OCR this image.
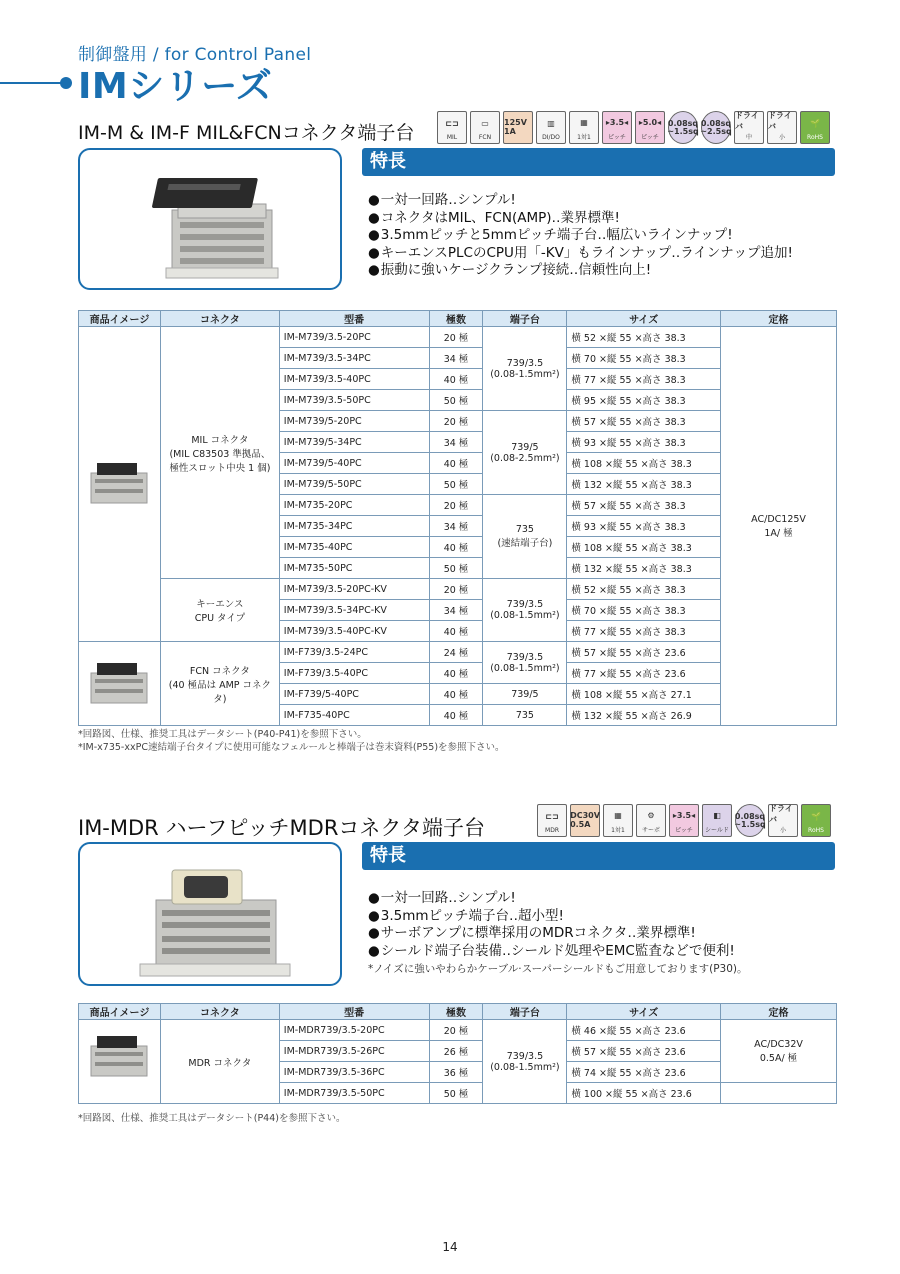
制御盤用 / for Control Panel
IMシリーズ
IM-M & IM-F MIL&FCNコネクタ端子台	⊏⊐
MIL
▭
FCN
125V 1A
▥
DI/DO
▦
1対1
▸3.5◂
ピッチ
▸5.0◂
ピッチ
0.08sq ~1.5sq
0.08sq ~2.5sq
ドライバ
中
ドライバ
小
🌱
RoHS
特長
● 一対一回路‥シンプル!
● コネクタはMIL、FCN(AMP)‥業界標準!
● 3.5mmピッチと5mmピッチ端子台‥幅広いラインナップ!
● キーエンスPLCのCPU用「-KV」もラインナップ‥ラインナップ追加!
● 振動に強いケージクランプ接続‥信頼性向上!
商品イメージ	コネクタ	型番	極数	端子台	サイズ	定格

	MIL コネクタ
(MIL C83503 準拠品、
極性スロット中央 1 個)	IM-M739/3.5-20PC	20 極	739/3.5
(0.08-1.5mm²)	横 52 ×縦 55 ×高さ 38.3	AC/DC125V
1A/ 極
		IM-M739/3.5-34PC	34 極		横 70 ×縦 55 ×高さ 38.3	
		IM-M739/3.5-40PC	40 極		横 77 ×縦 55 ×高さ 38.3	
		IM-M739/3.5-50PC	50 極		横 95 ×縦 55 ×高さ 38.3	
		IM-M739/5-20PC	20 極	739/5
(0.08-2.5mm²)	横 57 ×縦 55 ×高さ 38.3	
		IM-M739/5-34PC	34 極		横 93 ×縦 55 ×高さ 38.3	
		IM-M739/5-40PC	40 極		横 108 ×縦 55 ×高さ 38.3	
		IM-M739/5-50PC	50 極		横 132 ×縦 55 ×高さ 38.3	
		IM-M735-20PC	20 極	735
(速結端子台)	横 57 ×縦 55 ×高さ 38.3	
		IM-M735-34PC	34 極		横 93 ×縦 55 ×高さ 38.3	
		IM-M735-40PC	40 極		横 108 ×縦 55 ×高さ 38.3	
		IM-M735-50PC	50 極		横 132 ×縦 55 ×高さ 38.3	
	キーエンス
CPU タイプ	IM-M739/3.5-20PC-KV	20 極	739/3.5
(0.08-1.5mm²)	横 52 ×縦 55 ×高さ 38.3	
		IM-M739/3.5-34PC-KV	34 極		横 70 ×縦 55 ×高さ 38.3	
		IM-M739/3.5-40PC-KV	40 極		横 77 ×縦 55 ×高さ 38.3	

	FCN コネクタ
(40 極品は AMP コネクタ)	IM-F739/3.5-24PC	24 極	739/3.5
(0.08-1.5mm²)	横 57 ×縦 55 ×高さ 23.6	
		IM-F739/3.5-40PC	40 極		横 77 ×縦 55 ×高さ 23.6	
		IM-F739/5-40PC	40 極	739/5	横 108 ×縦 55 ×高さ 27.1	
		IM-F735-40PC	40 極	735	横 132 ×縦 55 ×高さ 26.9	
*回路図、仕様、推奨工具はデータシート(P40-P41)を参照下さい。
*IM-x735-xxPC速結端子台タイプに使用可能なフェルールと棒端子は巻末資料(P55)を参照下さい。
IM-MDR ハーフピッチMDRコネクタ端子台	⊏⊐
MDR
DC30V 0.5A
▦
1対1
⚙
サーボ
▸3.5◂
ピッチ
◧
シールド
0.08sq ~1.5sq
ドライバ
小
🌱
RoHS
特長
● 一対一回路‥シンプル!
● 3.5mmピッチ端子台‥超小型!
● サーボアンプに標準採用のMDRコネクタ‥業界標準!
● シールド端子台装備‥シールド処理やEMC監査などで便利!
*ノイズに強いやわらかケーブル·スーパーシールドもご用意しております(P30)。
商品イメージ	コネクタ	型番	極数	端子台	サイズ	定格

	MDR コネクタ	IM-MDR739/3.5-20PC	20 極	739/3.5
(0.08-1.5mm²)	横 46 ×縦 55 ×高さ 23.6	AC/DC32V
0.5A/ 極
		IM-MDR739/3.5-26PC	26 極		横 57 ×縦 55 ×高さ 23.6	
		IM-MDR739/3.5-36PC	36 極		横 74 ×縦 55 ×高さ 23.6	
		IM-MDR739/3.5-50PC	50 極		横 100 ×縦 55 ×高さ 23.6	
*回路図、仕様、推奨工具はデータシート(P44)を参照下さい。
14
